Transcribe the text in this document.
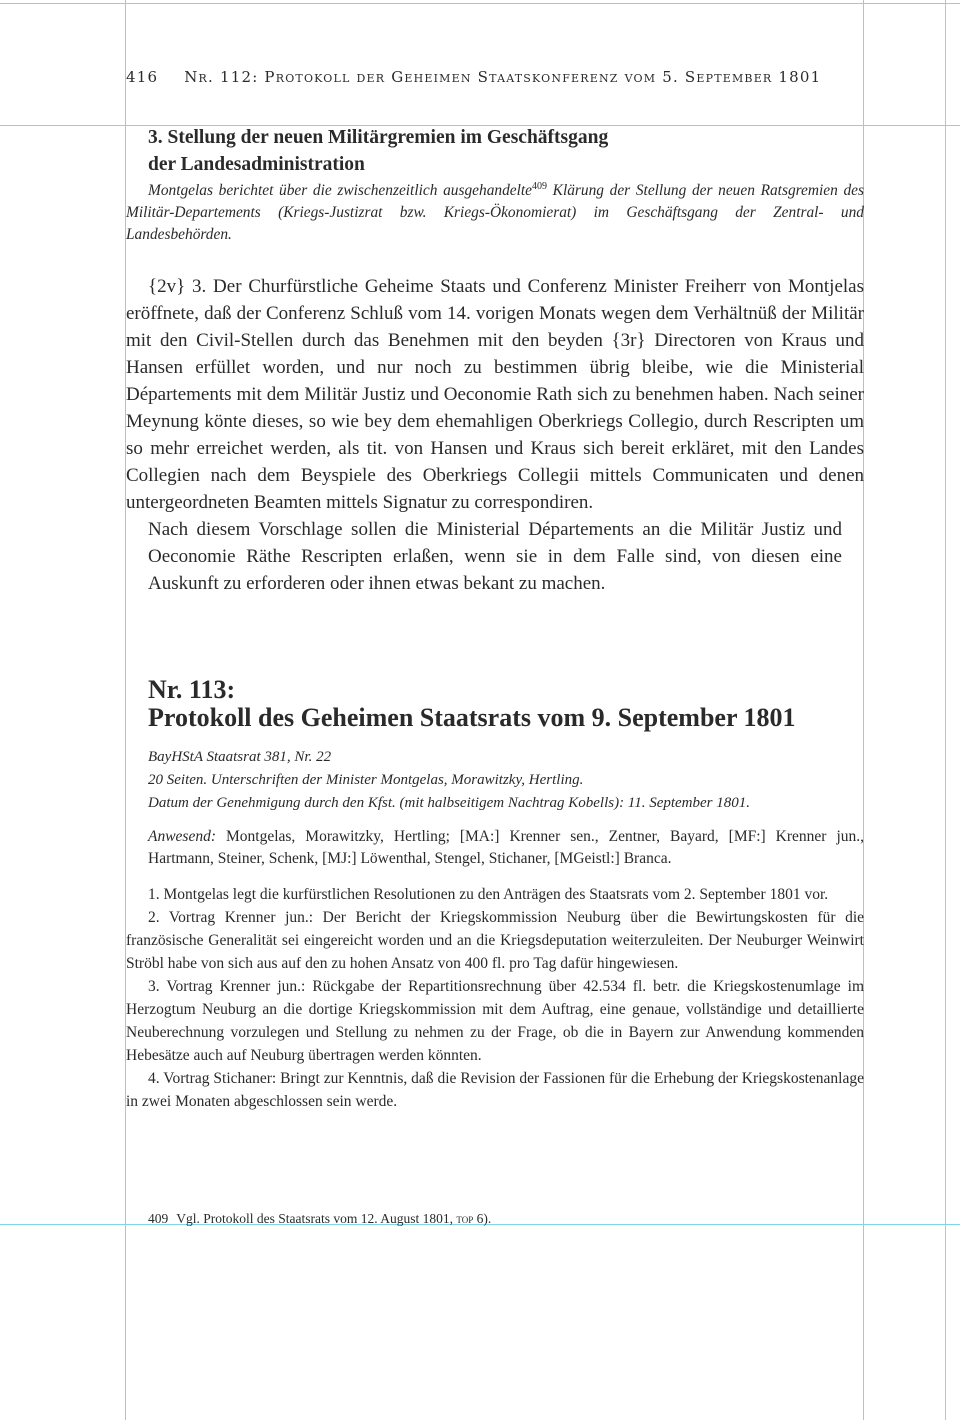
416 Nr. 112: Protokoll der Geheimen Staatskonferenz vom 5. September 1801
3. Stellung der neuen Militärgremien im Geschäftsgang
der Landesadministration
Montgelas berichtet über die zwischenzeitlich ausgehandelte$^{409}$ Klärung der Stellung der neuen Ratsgremien des Militär-Departements (Kriegs-Justizrat bzw. Kriegs-Ökonomierat) im Geschäftsgang der Zentral- und Landesbehörden.

{2v} 3. Der Churfürstliche Geheime Staats und Conferenz Minister Freiherr von Montjelas eröffnete, daß der Conferenz Schluß vom 14. vorigen Monats wegen dem Verhältnüß der Militär mit den Civil-Stellen durch das Benehmen mit den beyden {3r} Directoren von Kraus und Hansen erfüllet worden, und nur noch zu bestimmen übrig bleibe, wie die Ministerial Départements mit dem Militär Justiz und Oeconomie Rath sich zu benehmen haben. Nach seiner Meynung könte dieses, so wie bey dem ehemahligen Oberkriegs Collegio, durch Rescripten um so mehr erreichet werden, als tit. von Hansen und Kraus sich bereit erkläret, mit den Landes Collegien nach dem Beyspiele des Oberkriegs Collegii mittels Communicaten und denen untergeordneten Beamten mittels Signatur zu correspondiren.

Nach diesem Vorschlage sollen die Ministerial Départements an die Militär Justiz und Oeconomie Räthe Rescripten erlaßen, wenn sie in dem Falle sind, von diesen eine Auskunft zu erforderen oder ihnen etwas bekant zu machen.

Nr. 113:
Protokoll des Geheimen Staatsrats vom 9. September 1801
BayHStA Staatsrat 381, Nr. 22
20 Seiten. Unterschriften der Minister Montgelas, Morawitzky, Hertling.
Datum der Genehmigung durch den Kfst. (mit halbseitigem Nachtrag Kobells): 11. September 1801.
Anwesend: Montgelas, Morawitzky, Hertling; [MA:] Krenner sen., Zentner, Bayard, [MF:] Krenner jun., Hartmann, Steiner, Schenk, [MJ:] Löwenthal, Stengel, Stichaner, [MGeistl:] Branca.

1. Montgelas legt die kurfürstlichen Resolutionen zu den Anträgen des Staatsrats vom 2. September 1801 vor.

2. Vortrag Krenner jun.: Der Bericht der Kriegskommission Neuburg über die Bewirtungskosten für die französische Generalität sei eingereicht worden und an die Kriegsdeputation weiterzuleiten. Der Neuburger Weinwirt Ströbl habe von sich aus auf den zu hohen Ansatz von 400 fl. pro Tag dafür hingewiesen.

3. Vortrag Krenner jun.: Rückgabe der Repartitionsrechnung über 42.534 fl. betr. die Kriegskostenumlage im Herzogtum Neuburg an die dortige Kriegskommission mit dem Auftrag, eine genaue, vollständige und detaillierte Neuberechnung vorzulegen und Stellung zu nehmen zu der Frage, ob die in Bayern zur Anwendung kommenden Hebesätze auch auf Neuburg übertragen werden könnten.

4. Vortrag Stichaner: Bringt zur Kenntnis, daß die Revision der Fassionen für die Erhebung der Kriegskostenanlage in zwei Monaten abgeschlossen sein werde.

409 Vgl. Protokoll des Staatsrats vom 12. August 1801, top 6).
